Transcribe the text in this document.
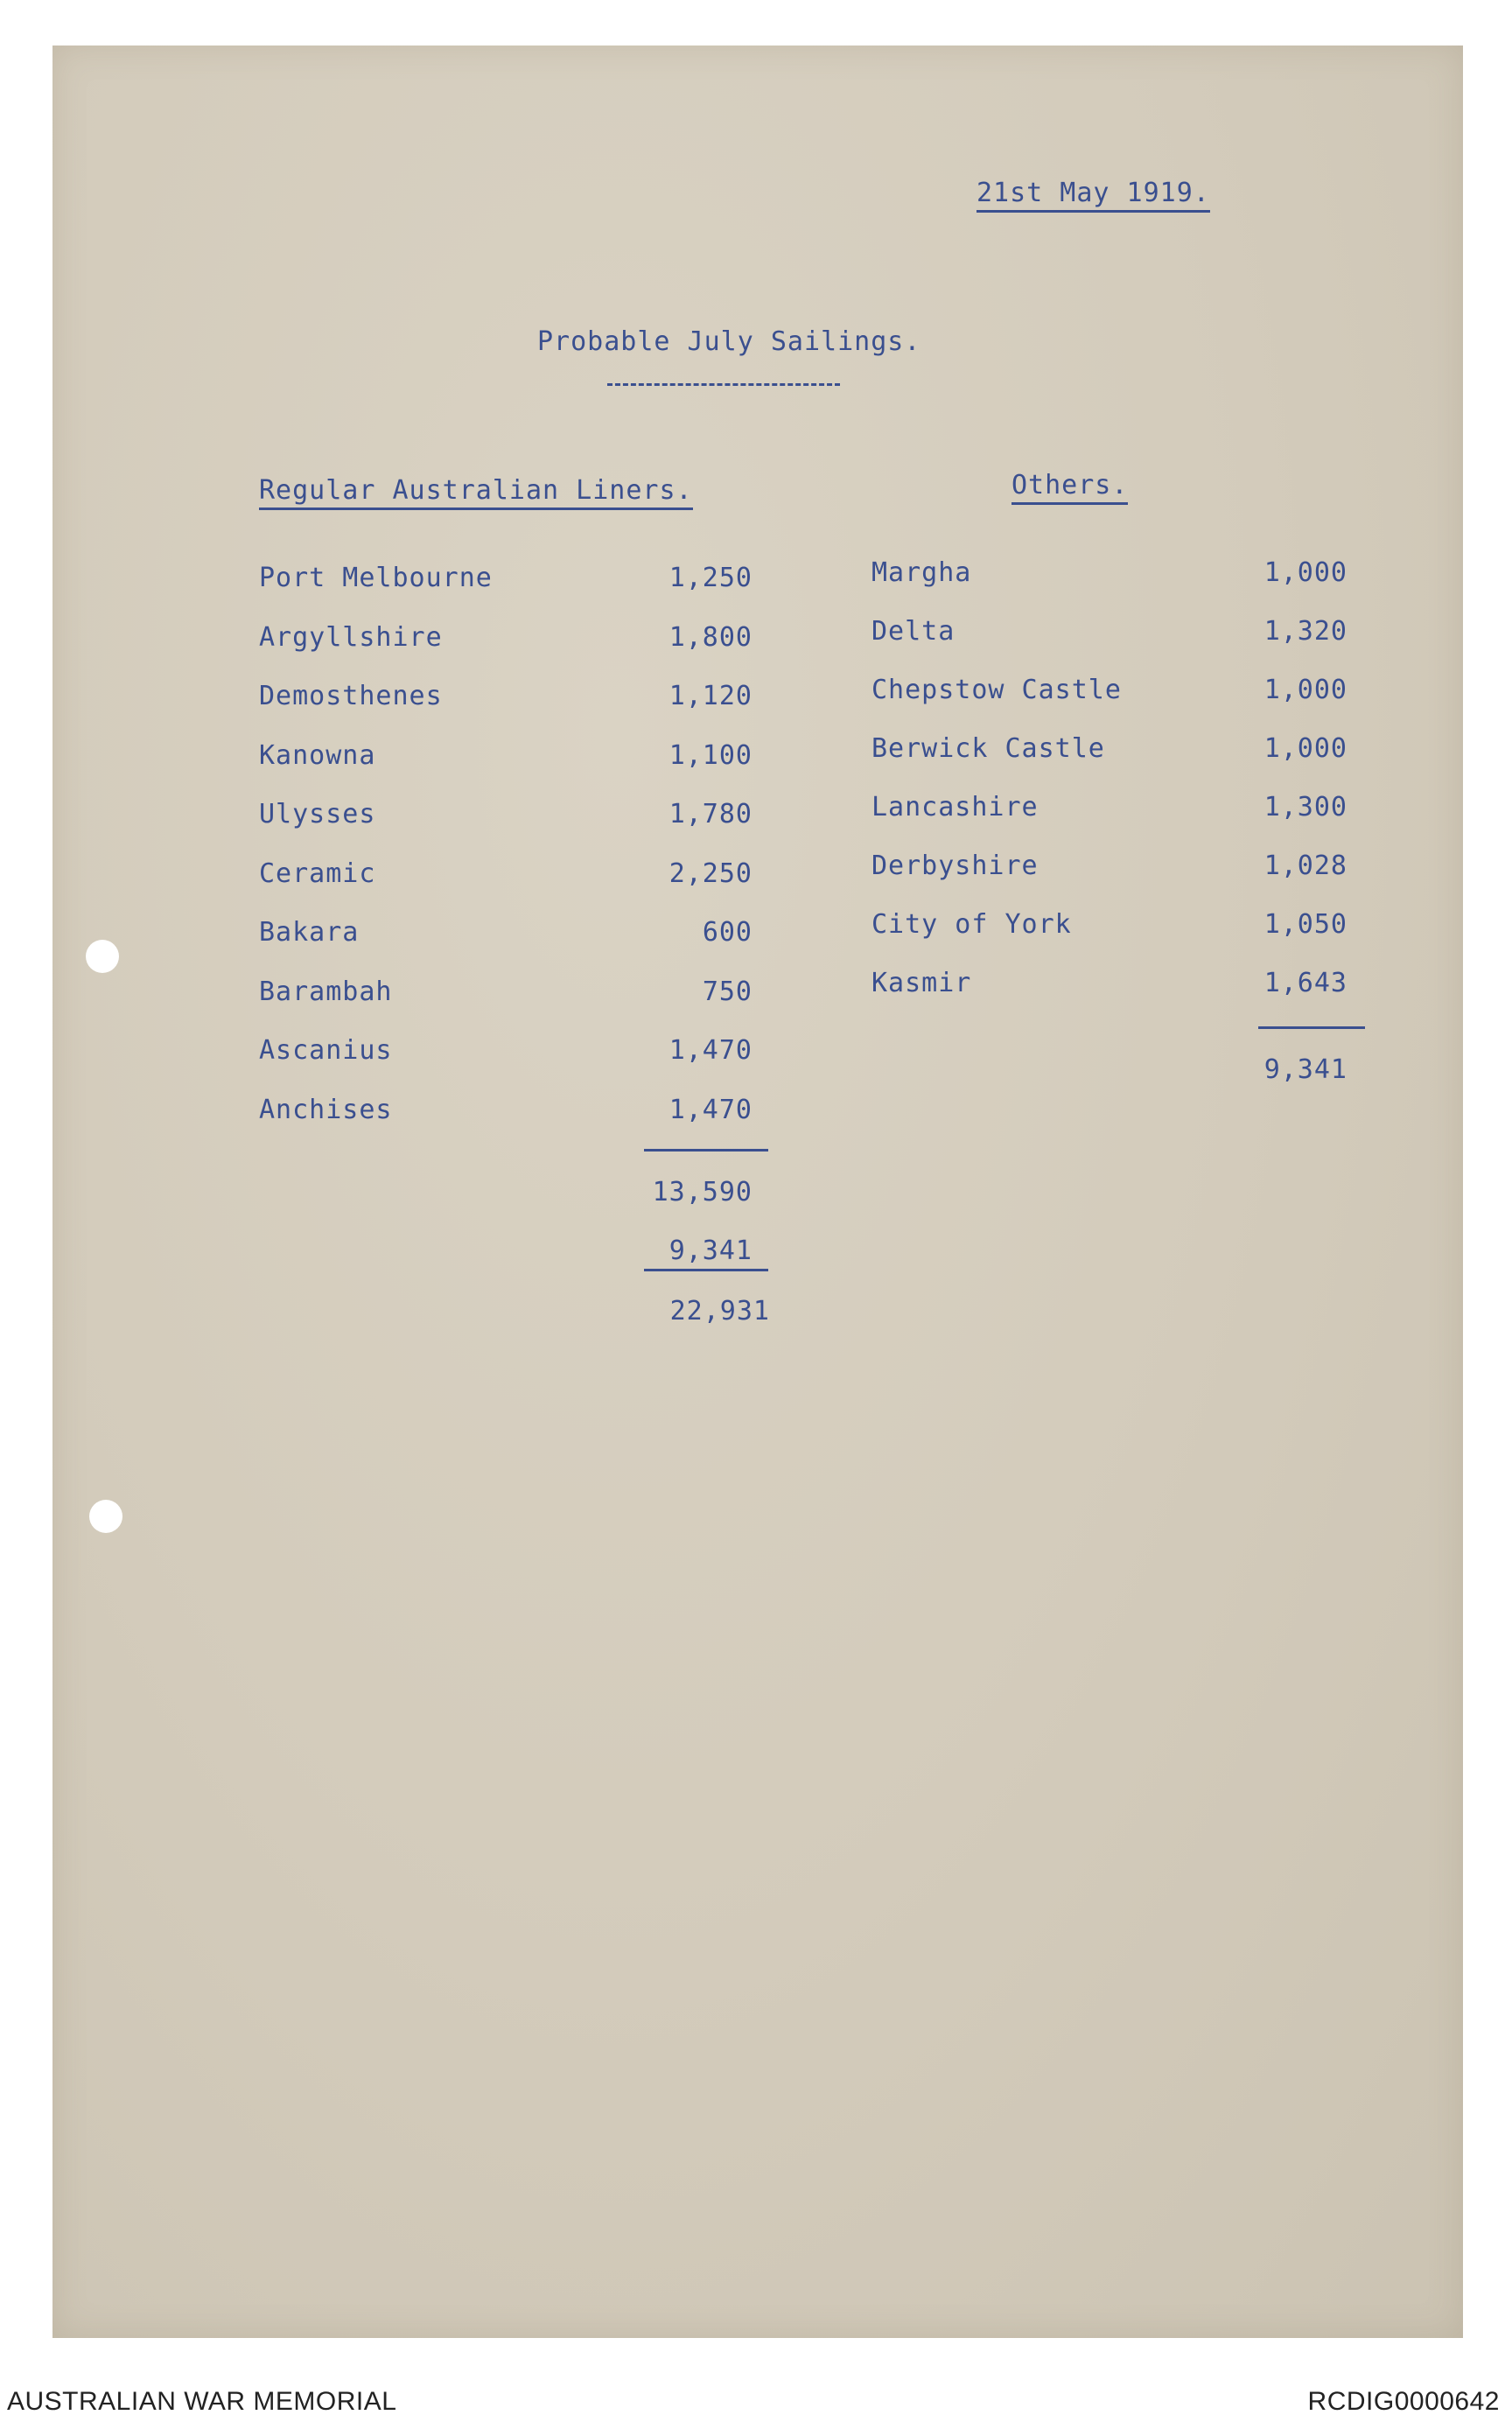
21st May 1919.
Probable July Sailings.
Regular Australian Liners.	Others.
Port Melbourne	1,250
Argyllshire	1,800
Demosthenes	1,120
Kanowna	1,100
Ulysses	1,780
Ceramic	2,250
Bakara	600
Barambah	750
Ascanius	1,470
Anchises	1,470
Margha	1,000
Delta	1,320
Chepstow Castle	1,000
Berwick Castle	1,000
Lancashire	1,300
Derbyshire	1,028
City of York	1,050
Kasmir	1,643
13,590
9,341
22,931
9,341
AUSTRALIAN WAR MEMORIAL	RCDIG0000642
